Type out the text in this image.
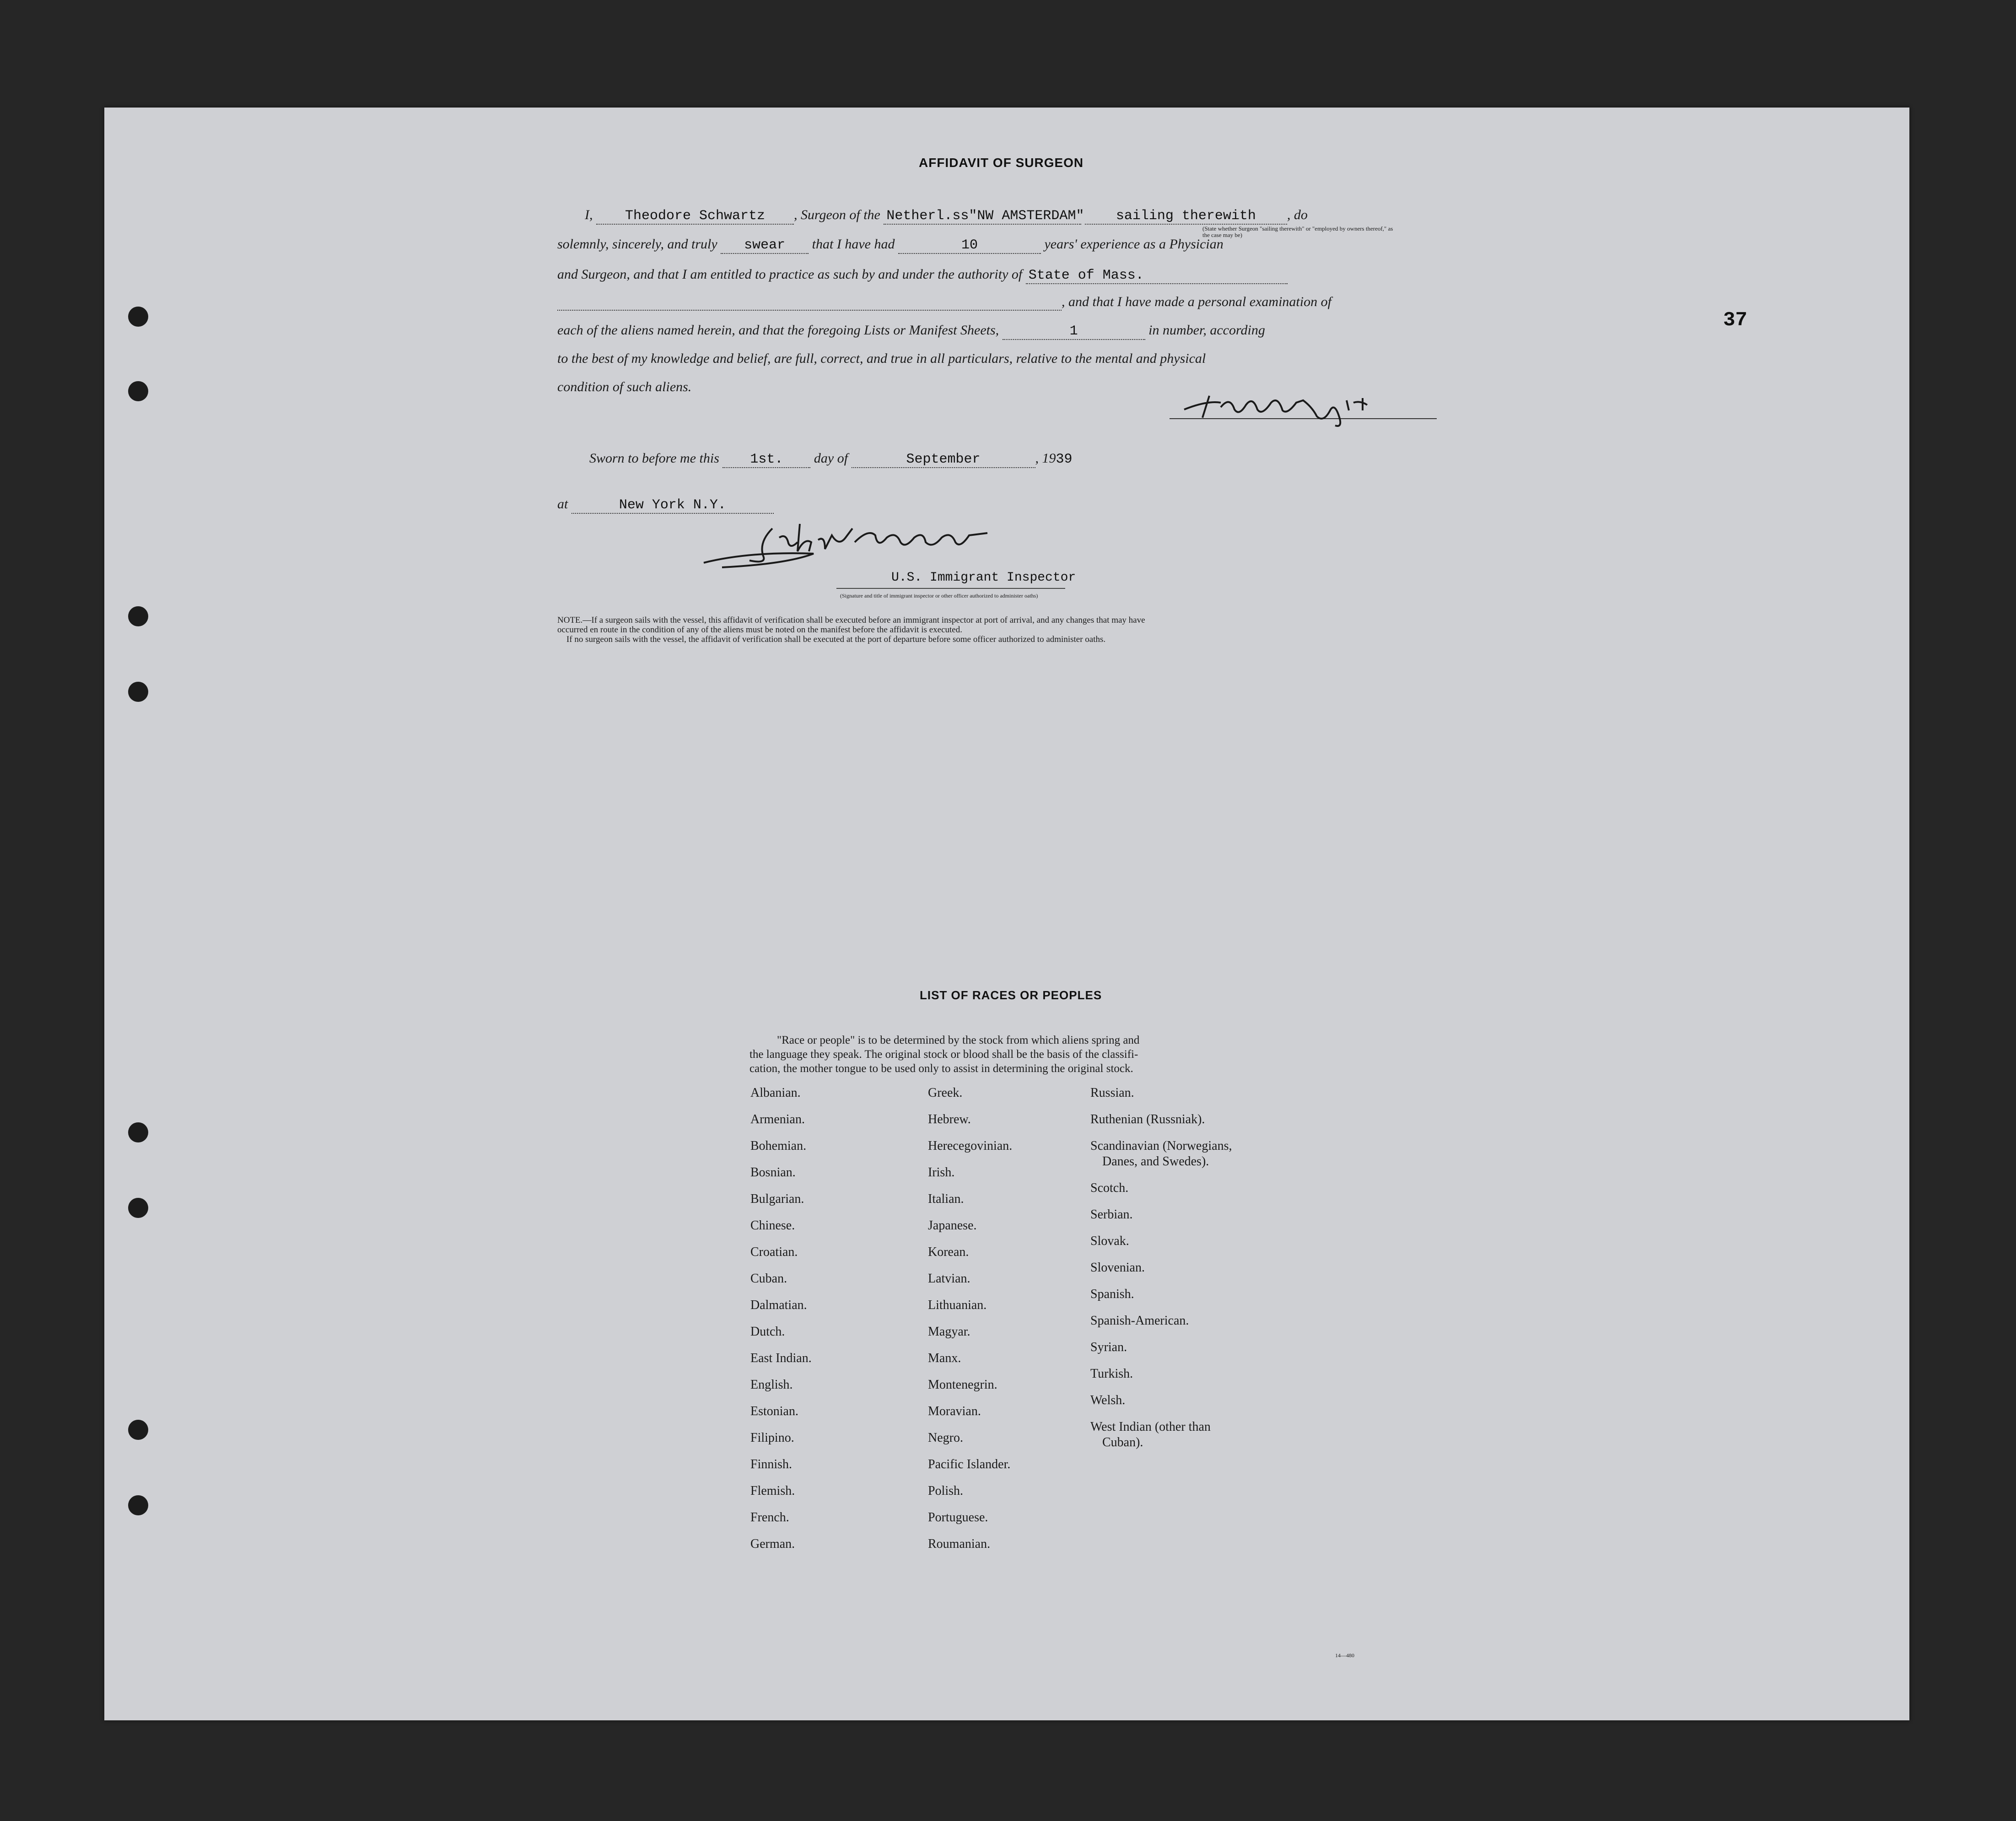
37
AFFIDAVIT OF SURGEON
I, Theodore Schwartz , Surgeon of the Netherl.ss"NW AMSTERDAM" sailing therewith , do
(State whether Surgeon "sailing therewith" or "employed by owners thereof," as the case may be)
solemnly, sincerely, and truly swear that I have had	10	years' experience as a Physician
and Surgeon, and that I am entitled to practice as such by and under the authority of State of Mass.
, and that I have made a personal examination of
each of the aliens named herein, and that the foregoing Lists or Manifest Sheets,	1	in number, according
to the best of my knowledge and belief, are full, correct, and true in all particulars, relative to the mental and physical
condition of such aliens.
Sworn to before me this 1st. day of	September	, 1939
at	New York N.Y.
U.S. Immigrant Inspector
(Signature and title of immigrant inspector or other officer authorized to administer oaths)
NOTE.—If a surgeon sails with the vessel, this affidavit of verification shall be executed before an immigrant inspector at port of arrival, and any changes that may have
occurred en route in the condition of any of the aliens must be noted on the manifest before the affidavit is executed.
If no surgeon sails with the vessel, the affidavit of verification shall be executed at the port of departure before some officer authorized to administer oaths.
LIST OF RACES OR PEOPLES
"Race or people" is to be determined by the stock from which aliens spring and
the language they speak. The original stock or blood shall be the basis of the classifi-
cation, the mother tongue to be used only to assist in determining the original stock.
Albanian.
Armenian.
Bohemian.
Bosnian.
Bulgarian.
Chinese.
Croatian.
Cuban.
Dalmatian.
Dutch.
East Indian.
English.
Estonian.
Filipino.
Finnish.
Flemish.
French.
German.
Greek.
Hebrew.
Herecegovinian.
Irish.
Italian.
Japanese.
Korean.
Latvian.
Lithuanian.
Magyar.
Manx.
Montenegrin.
Moravian.
Negro.
Pacific Islander.
Polish.
Portuguese.
Roumanian.
Russian.
Ruthenian (Russniak).
Scandinavian (Norwegians,
Danes, and Swedes).
Scotch.
Serbian.
Slovak.
Slovenian.
Spanish.
Spanish-American.
Syrian.
Turkish.
Welsh.
West Indian (other than
Cuban).
14—480
